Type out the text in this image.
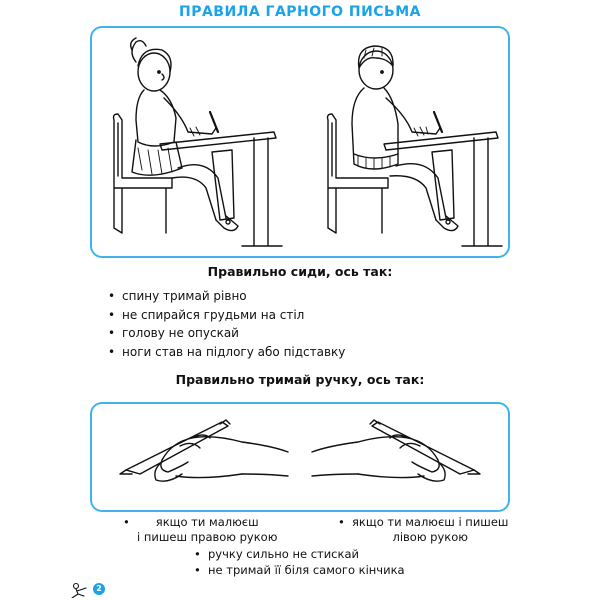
ПРАВИЛА ГАРНОГО ПИСЬМА
Правильно сиди, ось так:
• спину тримай рівно
• не спирайся грудьми на стіл
• голову не опускай
• ноги став на підлогу або підставку
Правильно тримай ручку, ось так:
•	якщо ти малюєш
і пишеш правою рукою
• якщо ти малюєш і пишеш
лівою рукою
• ручку сильно не стискай
• не тримай її біля самого кінчика
2
